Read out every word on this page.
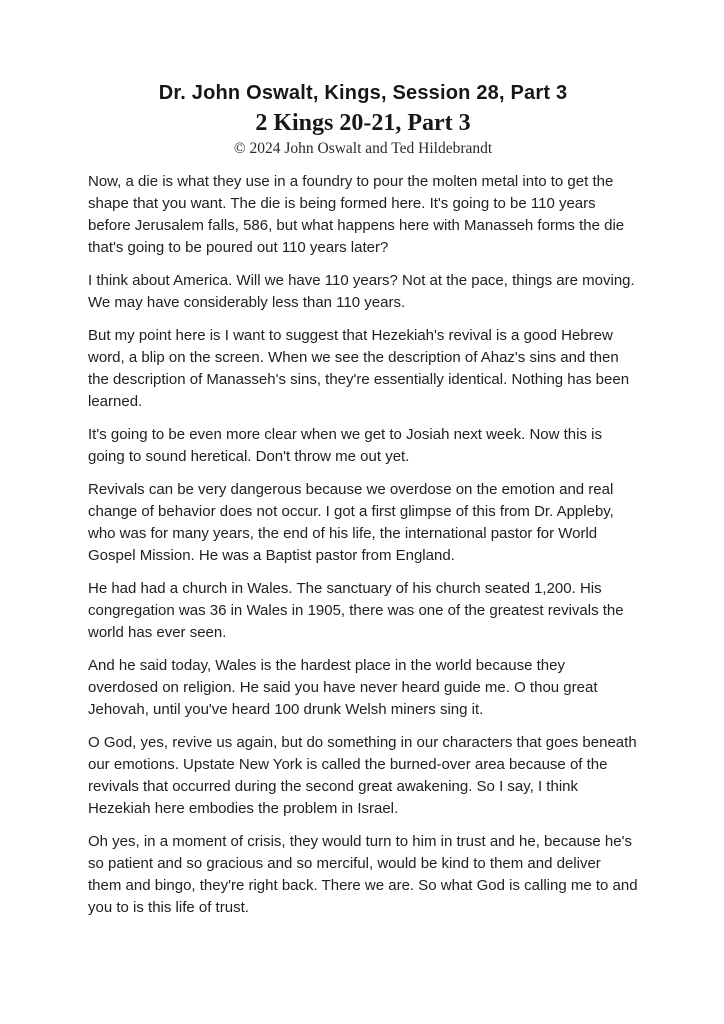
Dr. John Oswalt, Kings, Session 28, Part 3
2 Kings 20-21, Part 3
© 2024 John Oswalt and Ted Hildebrandt

Now, a die is what they use in a foundry to pour the molten metal into to get the shape that you want. The die is being formed here. It's going to be 110 years before Jerusalem falls, 586, but what happens here with Manasseh forms the die that's going to be poured out 110 years later?

I think about America. Will we have 110 years? Not at the pace, things are moving. We may have considerably less than 110 years.

But my point here is I want to suggest that Hezekiah's revival is a good Hebrew word, a blip on the screen. When we see the description of Ahaz's sins and then the description of Manasseh's sins, they're essentially identical. Nothing has been learned.

It's going to be even more clear when we get to Josiah next week. Now this is going to sound heretical. Don't throw me out yet.

Revivals can be very dangerous because we overdose on the emotion and real change of behavior does not occur. I got a first glimpse of this from Dr. Appleby, who was for many years, the end of his life, the international pastor for World Gospel Mission. He was a Baptist pastor from England.

He had had a church in Wales. The sanctuary of his church seated 1,200. His congregation was 36 in Wales in 1905, there was one of the greatest revivals the world has ever seen.

And he said today, Wales is the hardest place in the world because they overdosed on religion. He said you have never heard guide me. O thou great Jehovah, until you've heard 100 drunk Welsh miners sing it.

O God, yes, revive us again, but do something in our characters that goes beneath our emotions. Upstate New York is called the burned-over area because of the revivals that occurred during the second great awakening. So I say, I think Hezekiah here embodies the problem in Israel.

Oh yes, in a moment of crisis, they would turn to him in trust and he, because he's so patient and so gracious and so merciful, would be kind to them and deliver them and bingo, they're right back. There we are. So what God is calling me to and you to is this life of trust.
